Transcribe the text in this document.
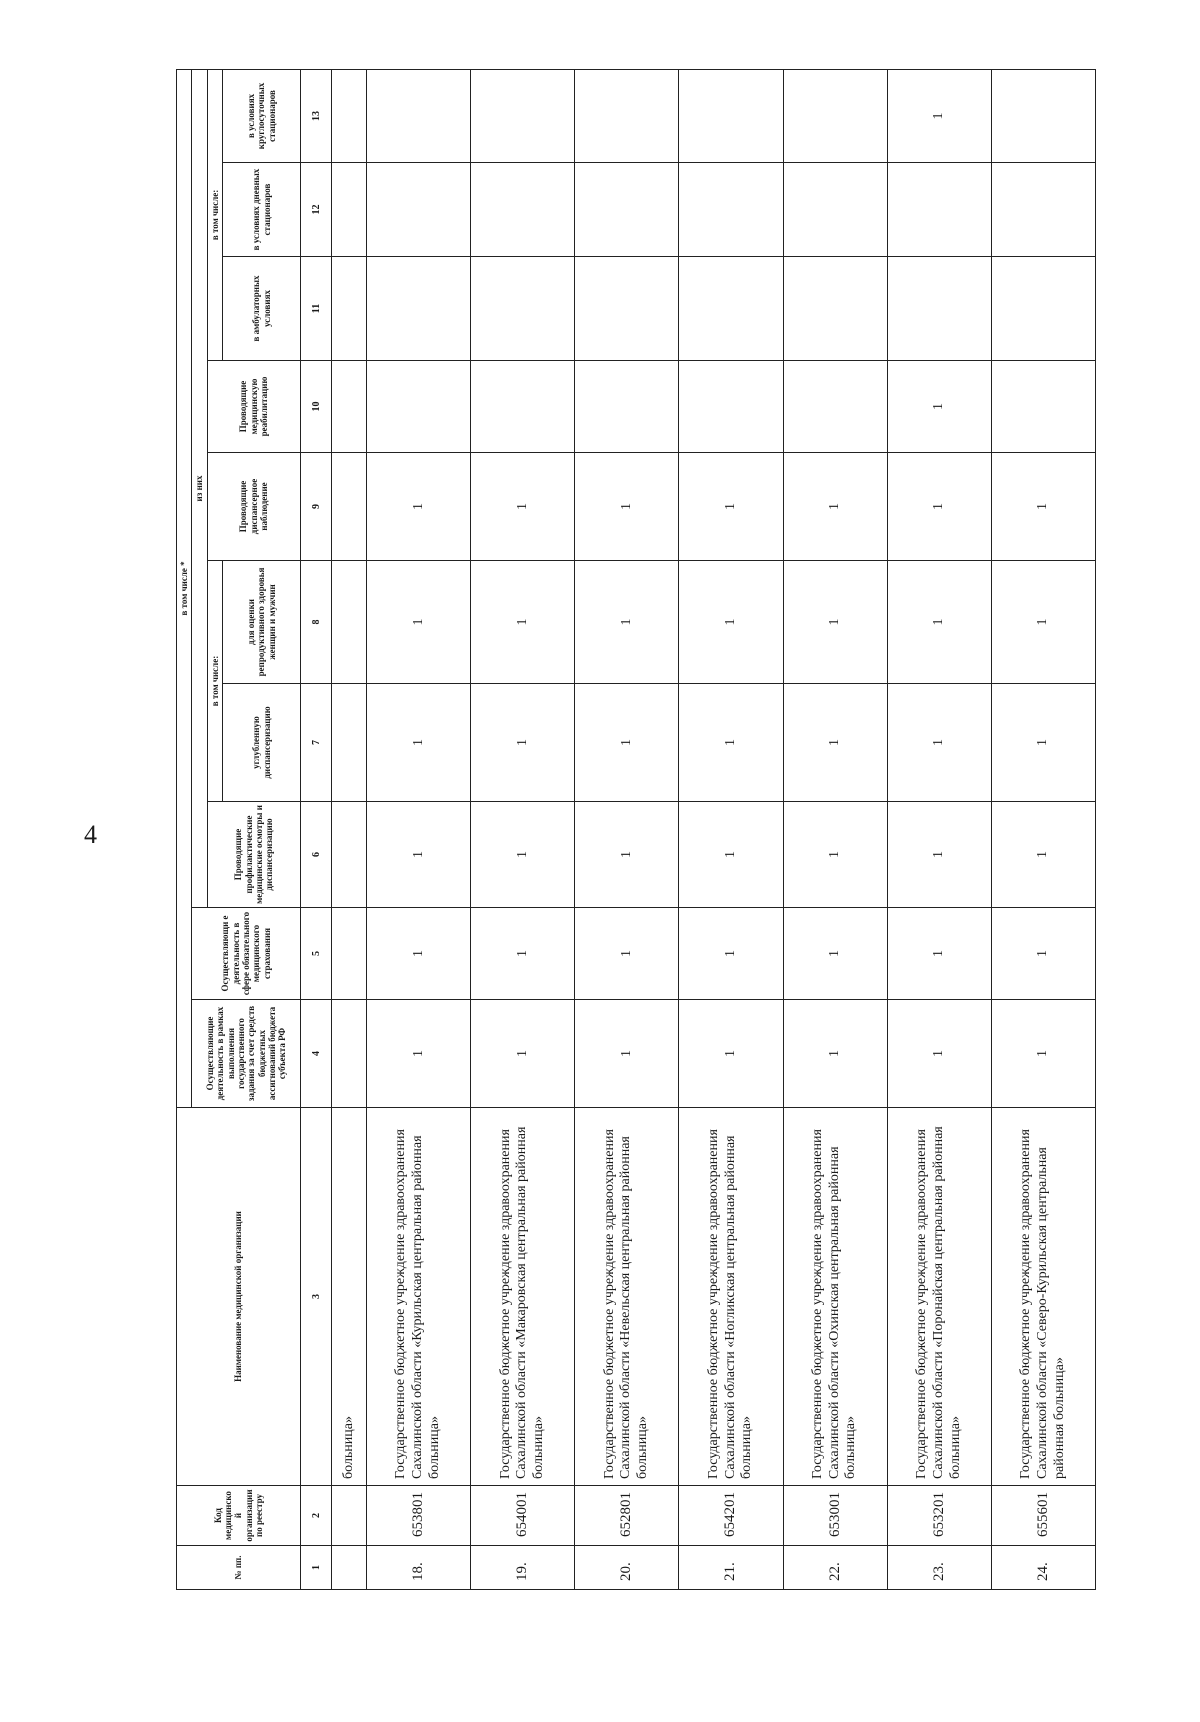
4
№ пп.	Код медицинско й организации по реестру	Наименование медицинской организации	в том числе *									
			Осуществляющие деятельность в рамках выполнения государственного задания за счет средств бюджетных ассигнований бюджета субъекта РФ	Осуществляющи е деятельность в сфере обязательного медицинского страхования	из них							
					Проводящие профилактические медицинские осмотры и диспансеризацию	в том числе:		Проводящие диспансерное наблюдение	Проводящие медицинскую реабилитацию	в том числе:		
						углубленную диспансеризацию	для оценки репродуктивного здоровья женщин и мужчин			в амбулаторных условиях	в условиях дневных стационаров	в условиях круглосуточных стационаров
1	2	3	4	5	6	7	8	9	10	11	12	13
		больница»										
18.	653801	Государственное бюджетное учреждение здравоохранения Сахалинской области «Курильская центральная районная больница»	1	1	1	1	1	1				
19.	654001	Государственное бюджетное учреждение здравоохранения Сахалинской области «Макаровская центральная районная больница»	1	1	1	1	1	1				
20.	652801	Государственное бюджетное учреждение здравоохранения Сахалинской области «Невельская центральная районная больница»	1	1	1	1	1	1				
21.	654201	Государственное бюджетное учреждение здравоохранения Сахалинской области «Ногликская центральная районная больница»	1	1	1	1	1	1				
22.	653001	Государственное бюджетное учреждение здравоохранения Сахалинской области «Охинская центральная районная больница»	1	1	1	1	1	1				
23.	653201	Государственное бюджетное учреждение здравоохранения Сахалинской области «Поронайская центральная районная больница»	1	1	1	1	1	1	1			1
24.	655601	Государственное бюджетное учреждение здравоохранения Сахалинской области «Северо-Курильская центральная районная больница»	1	1	1	1	1	1				
